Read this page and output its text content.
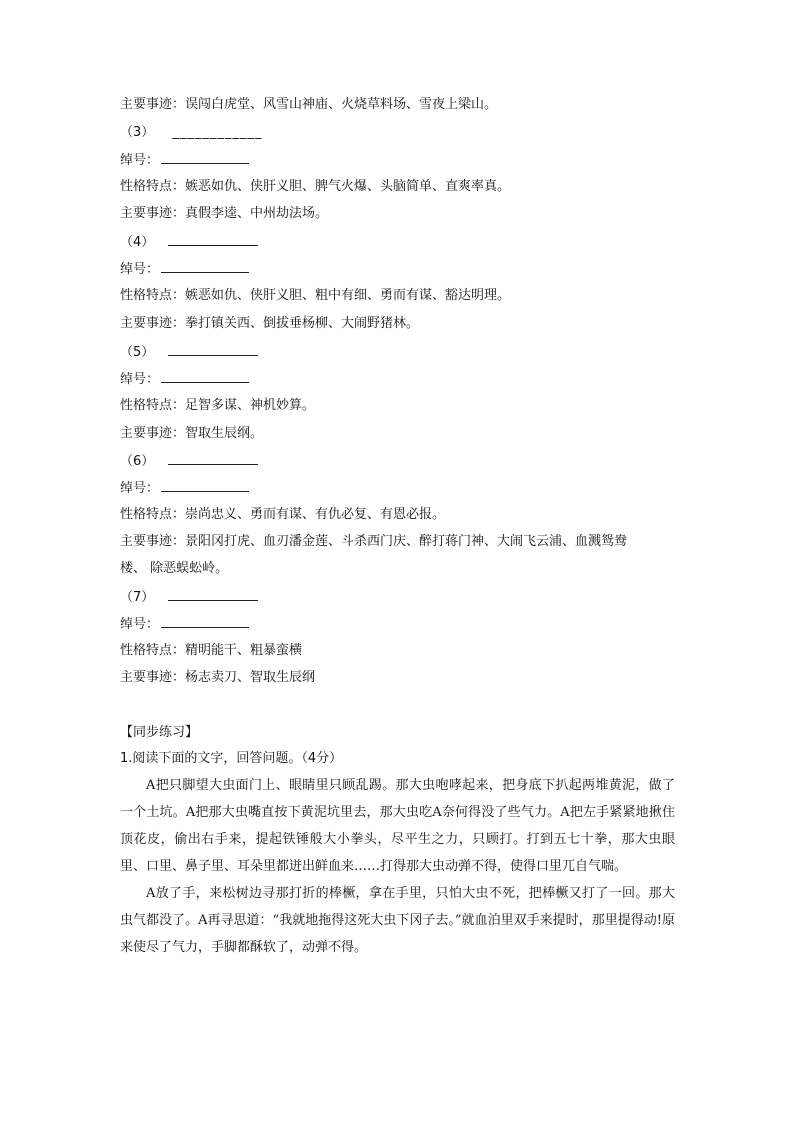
主要事迹：误闯白虎堂、风雪山神庙、火烧草料场、雪夜上梁山。
（3） ____________
绰号：
性格特点：嫉恶如仇、侠肝义胆、脾气火爆、头脑简单、直爽率真。
主要事迹：真假李逵、中州劫法场。
（4）
绰号：
性格特点：嫉恶如仇、侠肝义胆、粗中有细、勇而有谋、豁达明理。
主要事迹：拳打镇关西、倒拔垂杨柳、大闹野猪林。
（5）
绰号：
性格特点：足智多谋、神机妙算。
主要事迹：智取生辰纲。
（6）
绰号：
性格特点：崇尚忠义、勇而有谋、有仇必复、有恩必报。
主要事迹：景阳冈打虎、血刃潘金莲、斗杀西门庆、醉打蒋门神、大闹飞云浦、血溅鸳鸯
楼、 除恶蜈蚣岭。
（7）
绰号：
性格特点：精明能干、粗暴蛮横
主要事迹：杨志卖刀、智取生辰纲
【同步练习】
1.阅读下面的文字，回答问题。（4分）

A把只脚望大虫面门上、眼睛里只顾乱踢。那大虫咆哮起来，把身底下扒起两堆黄泥，做了一个土坑。A把那大虫嘴直按下黄泥坑里去，那大虫吃A奈何得没了些气力。A把左手紧紧地揪住顶花皮，偷出右手来，提起铁锤般大小拳头，尽平生之力，只顾打。打到五七十拳，那大虫眼里、口里、鼻子里、耳朵里都迸出鲜血来……打得那大虫动弹不得，使得口里兀自气喘。

A放了手，来松树边寻那打折的棒橛，拿在手里，只怕大虫不死，把棒橛又打了一回。那大虫气都没了。A再寻思道：“我就地拖得这死大虫下冈子去。”就血泊里双手来提时，那里提得动!原来使尽了气力，手脚都酥软了，动弹不得。
